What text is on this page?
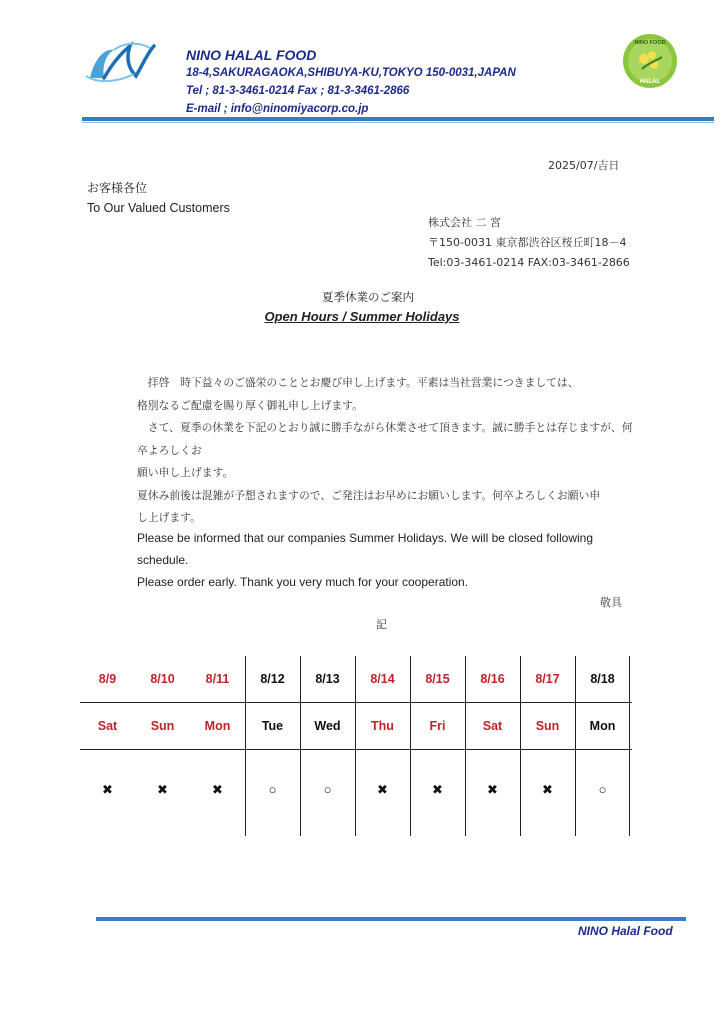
NINO HALAL FOOD
18-4,SAKURAGAOKA,SHIBUYA-KU,TOKYO 150-0031,JAPAN
Tel ; 81-3-3461-0214 Fax ; 81-3-3461-2866
E-mail ; info@ninomiyacorp.co.jp
NINO FOOD
HALAL
2025/07/吉日
お客様各位
To Our Valued Customers
株式会社 二 宮
〒150-0031 東京都渋谷区桜丘町18－4
Tel:03-3461-0214 FAX:03-3461-2866
夏季休業のご案内
Open Hours / Summer Holidays
　拝啓　時下益々のご盛栄のこととお慶び申し上げます。平素は当社営業につきましては、
格別なるご配慮を賜り厚く御礼申し上げます。
　さて、夏季の休業を下記のとおり誠に勝手ながら休業させて頂きます。誠に勝手とは存じますが、何卒よろしくお
願い申し上げます。
夏休み前後は混雑が予想されますので、ご発注はお早めにお願いします。何卒よろしくお願い申
し上げます。
Please be informed that our companies Summer Holidays. We will be closed following
schedule.
Please order early. Thank you very much for your cooperation.
敬具
記
8/9
Sat
✖
8/10
Sun
✖
8/11
Mon
✖
8/12
Tue
○
8/13
Wed
○
8/14
Thu
✖
8/15
Fri
✖
8/16
Sat
✖
8/17
Sun
✖
8/18
Mon
○
NINO Halal Food
